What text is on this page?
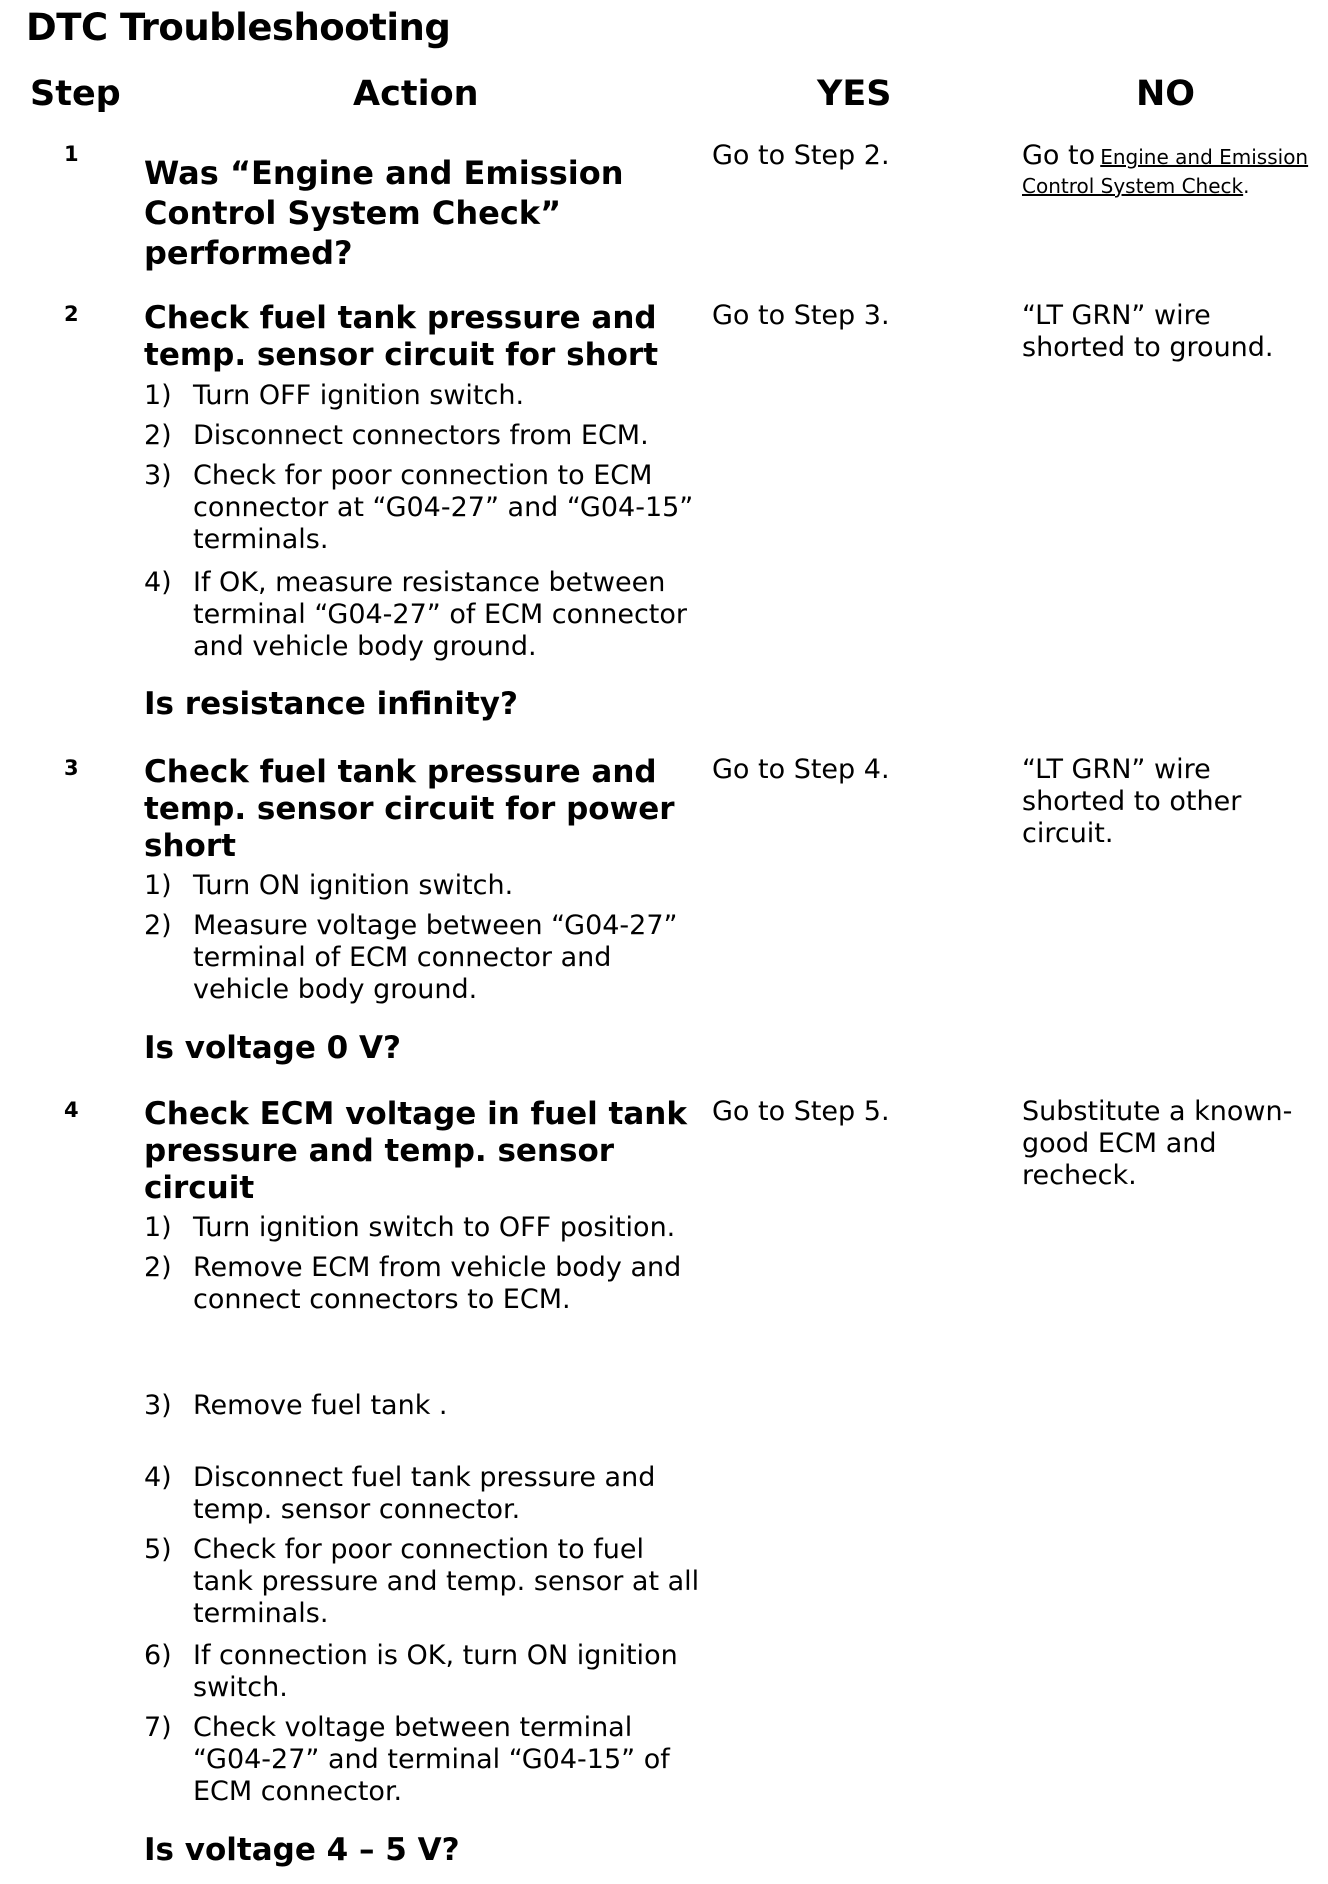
DTC Troubleshooting
Step	Action	YES	NO
1 Was “Engine and Emission Control System Check” performed?
Go to Step 2.	Go to Engine and Emission Control System Check.
2 Check fuel tank pressure and temp. sensor circuit for short
1) Turn OFF ignition switch.
2) Disconnect connectors from ECM.
3) Check for poor connection to ECM connector at “G04-27” and “G04-15” terminals.
4) If OK, measure resistance between terminal “G04-27” of ECM connector and vehicle body ground.
Is resistance infinity?
Go to Step 3.	“LT GRN” wire shorted to ground.
3 Check fuel tank pressure and temp. sensor circuit for power short
1) Turn ON ignition switch.
2) Measure voltage between “G04-27” terminal of ECM connector and vehicle body ground.
Is voltage 0 V?
Go to Step 4.	“LT GRN” wire shorted to other circuit.
4 Check ECM voltage in fuel tank pressure and temp. sensor circuit
1) Turn ignition switch to OFF position.
2) Remove ECM from vehicle body and connect connectors to ECM.
3) Remove fuel tank .
4) Disconnect fuel tank pressure and temp. sensor connector.
5) Check for poor connection to fuel tank pressure and temp. sensor at all terminals.
6) If connection is OK, turn ON ignition switch.
7) Check voltage between terminal “G04-27” and terminal “G04-15” of ECM connector.
Is voltage 4 – 5 V?
Go to Step 5.	Substitute a known-good ECM and recheck.
